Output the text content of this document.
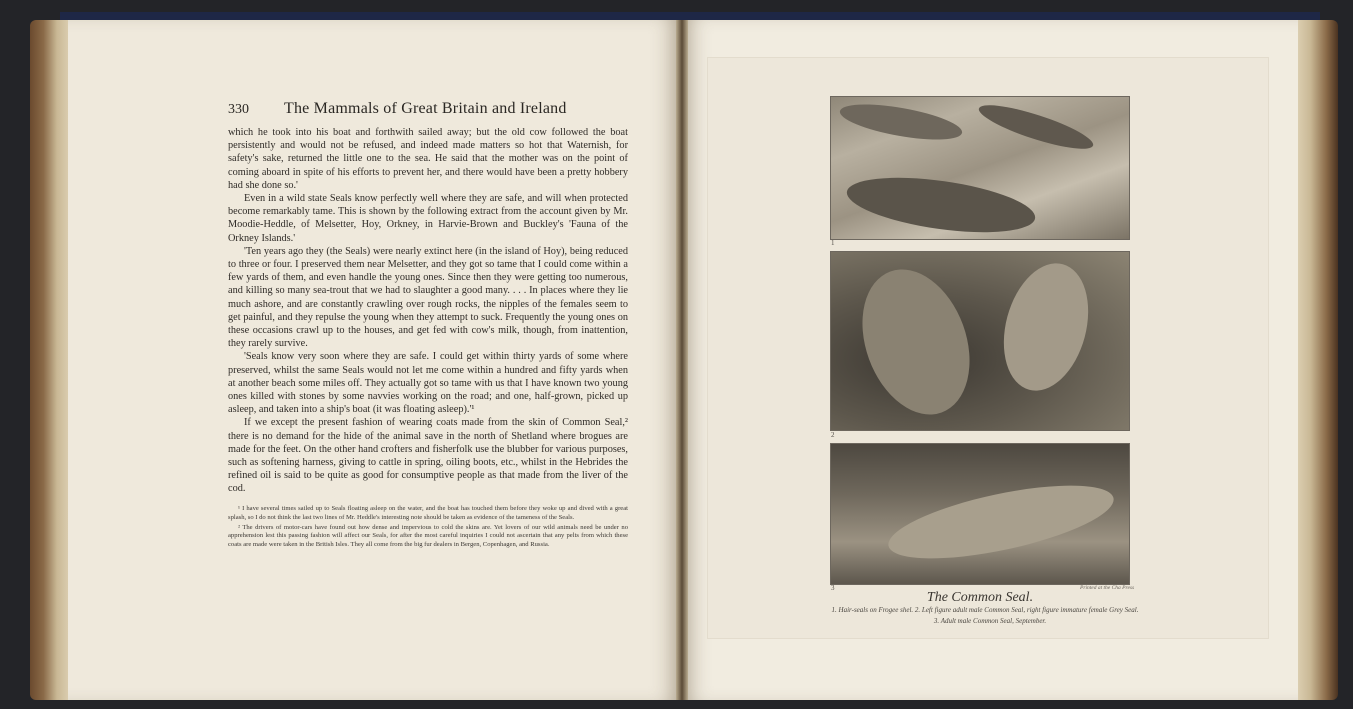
330 The Mammals of Great Britain and Ireland

which he took into his boat and forthwith sailed away; but the old cow followed the boat persistently and would not be refused, and indeed made matters so hot that Waternish, for safety's sake, returned the little one to the sea. He said that the mother was on the point of coming aboard in spite of his efforts to prevent her, and there would have been a pretty hobbery had she done so.'

Even in a wild state Seals know perfectly well where they are safe, and will when protected become remarkably tame. This is shown by the following extract from the account given by Mr. Moodie-Heddle, of Melsetter, Hoy, Orkney, in Harvie-Brown and Buckley's 'Fauna of the Orkney Islands.'

'Ten years ago they (the Seals) were nearly extinct here (in the island of Hoy), being reduced to three or four. I preserved them near Melsetter, and they got so tame that I could come within a few yards of them, and even handle the young ones. Since then they were getting too numerous, and killing so many sea-trout that we had to slaughter a good many. . . . In places where they lie much ashore, and are constantly crawling over rough rocks, the nipples of the females seem to get painful, and they repulse the young when they attempt to suck. Frequently the young ones on these occasions crawl up to the houses, and get fed with cow's milk, though, from inattention, they rarely survive.

'Seals know very soon where they are safe. I could get within thirty yards of some where preserved, whilst the same Seals would not let me come within a hundred and fifty yards when at another beach some miles off. They actually got so tame with us that I have known two young ones killed with stones by some navvies working on the road; and one, half-grown, picked up asleep, and taken into a ship's boat (it was floating asleep).'¹

If we except the present fashion of wearing coats made from the skin of Common Seal,² there is no demand for the hide of the animal save in the north of Shetland where brogues are made for the feet. On the other hand crofters and fisherfolk use the blubber for various purposes, such as softening harness, giving to cattle in spring, oiling boots, etc., whilst in the Hebrides the refined oil is said to be quite as good for consumptive people as that made from the liver of the cod.

¹ I have several times sailed up to Seals floating asleep on the water, and the boat has touched them before they woke up and dived with a great splash, so I do not think the last two lines of Mr. Heddle's interesting note should be taken as evidence of the tameness of the Seals.

² The drivers of motor-cars have found out how dense and impervious to cold the skins are. Yet lovers of our wild animals need be under no apprehension lest this passing fashion will affect our Seals, for after the most careful inquiries I could not ascertain that any pelts from which these coats are made were taken in the British Isles. They all come from the big fur dealers in Bergen, Copenhagen, and Russia.

1
2
3	Printed at the Cha Press
The Common Seal.
1. Hair-seals on Frogee shel. 2. Left figure adult male Common Seal, right figure immature female Grey Seal.
3. Adult male Common Seal, September.
